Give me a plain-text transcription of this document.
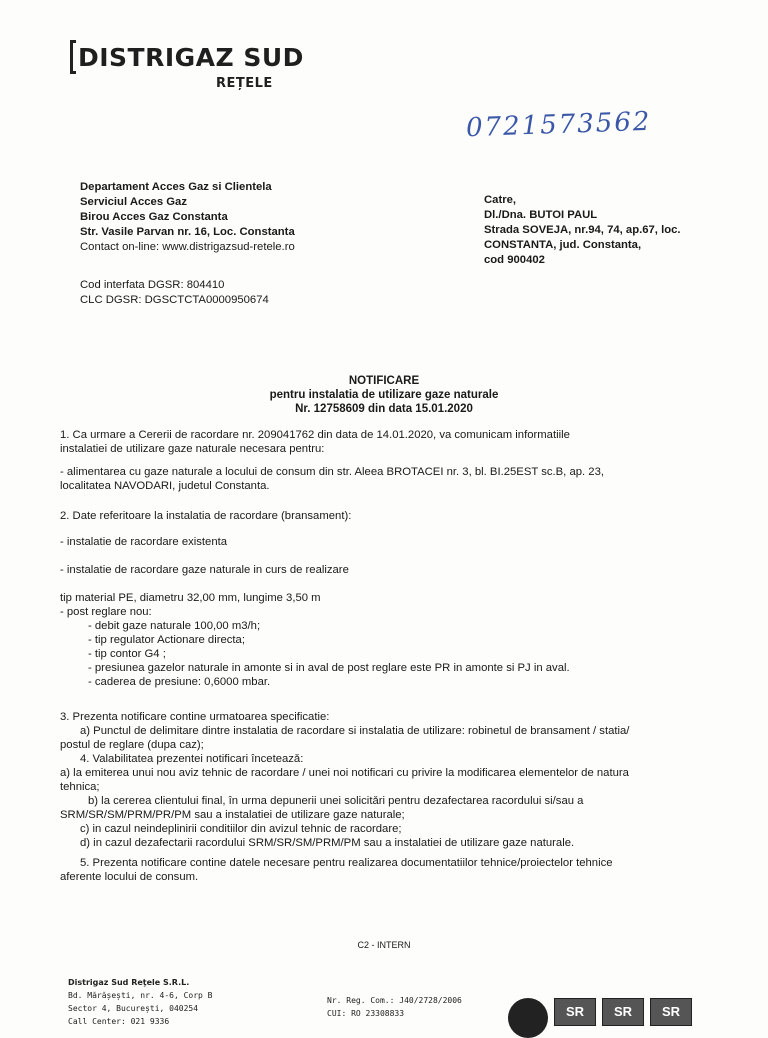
DISTRIGAZ SUD
REȚELE
0721573562
Departament Acces Gaz si Clientela
Serviciul Acces Gaz
Birou Acces Gaz Constanta
Str. Vasile Parvan nr. 16, Loc. Constanta
Contact on-line: www.distrigazsud-retele.ro
Catre,
Dl./Dna. BUTOI PAUL
Strada SOVEJA, nr.94, 74, ap.67, loc.
CONSTANTA, jud. Constanta,
cod 900402
Cod interfata DGSR: 804410
CLC DGSR: DGSCTCTA0000950674
NOTIFICARE
pentru instalatia de utilizare gaze naturale
Nr. 12758609 din data 15.01.2020

1. Ca urmare a Cererii de racordare nr. 209041762 din data de 14.01.2020, va comunicam informatiile

instalatiei de utilizare gaze naturale necesara pentru:

- alimentarea cu gaze naturale a locului de consum din str. Aleea BROTACEI nr. 3, bl. BI.25EST sc.B, ap. 23,

localitatea NAVODARI, judetul Constanta.

2. Date referitoare la instalatia de racordare (bransament):
- instalatie de racordare existenta
- instalatie de racordare gaze naturale in curs de realizare

tip material PE, diametru 32,00 mm, lungime 3,50 m

- post reglare nou:

- debit gaze naturale 100,00 m3/h;

- tip regulator Actionare directa;

- tip contor G4 ;

- presiunea gazelor naturale in amonte si in aval de post reglare este PR in amonte si PJ in aval.

- caderea de presiune: 0,6000 mbar.

3. Prezenta notificare contine urmatoarea specificatie:

a) Punctul de delimitare dintre instalatia de racordare si instalatia de utilizare: robinetul de bransament / statia/

postul de reglare (dupa caz);

4. Valabilitatea prezentei notificari înceteazǎ:

a) la emiterea unui nou aviz tehnic de racordare / unei noi notificari cu privire la modificarea elementelor de natura

tehnica;

b) la cererea clientului final, în urma depunerii unei solicitǎri pentru dezafectarea racordului si/sau a

SRM/SR/SM/PRM/PR/PM sau a instalatiei de utilizare gaze naturale;

c) in cazul neindeplinirii conditiilor din avizul tehnic de racordare;

d) in cazul dezafectarii racordului SRM/SR/SM/PRM/PM sau a instalatiei de utilizare gaze naturale.

5. Prezenta notificare contine datele necesare pentru realizarea documentatiilor tehnice/proiectelor tehnice

aferente locului de consum.

C2 - INTERN
Distrigaz Sud Reţele S.R.L.
Bd. Mărășești, nr. 4-6, Corp B
Sector 4, București, 040254
Call Center: 021 9336
Nr. Reg. Com.: J40/2728/2006
CUI: RO 23308833	SR	SR	SR
